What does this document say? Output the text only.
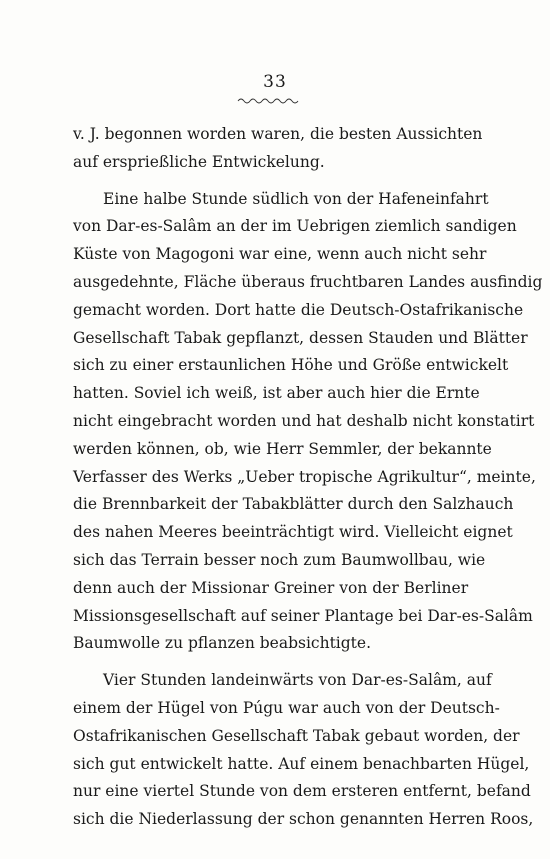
33
v. J. begonnen worden waren, die besten Aussichten
auf ersprießliche Entwickelung.
Eine halbe Stunde südlich von der Hafeneinfahrt
von Dar-es-Salâm an der im Uebrigen ziemlich sandigen
Küste von Magogoni war eine, wenn auch nicht sehr
ausgedehnte, Fläche überaus fruchtbaren Landes ausfindig
gemacht worden. Dort hatte die Deutsch-Ostafrikanische
Gesellschaft Tabak gepflanzt, dessen Stauden und Blätter
sich zu einer erstaunlichen Höhe und Größe entwickelt
hatten. Soviel ich weiß, ist aber auch hier die Ernte
nicht eingebracht worden und hat deshalb nicht konstatirt
werden können, ob, wie Herr Semmler, der bekannte
Verfasser des Werks „Ueber tropische Agrikultur“, meinte,
die Brennbarkeit der Tabakblätter durch den Salzhauch
des nahen Meeres beeinträchtigt wird. Vielleicht eignet
sich das Terrain besser noch zum Baumwollbau, wie
denn auch der Missionar Greiner von der Berliner
Missionsgesellschaft auf seiner Plantage bei Dar-es-Salâm
Baumwolle zu pflanzen beabsichtigte.
Vier Stunden landeinwärts von Dar-es-Salâm, auf
einem der Hügel von Púgu war auch von der Deutsch-
Ostafrikanischen Gesellschaft Tabak gebaut worden, der
sich gut entwickelt hatte. Auf einem benachbarten Hügel,
nur eine viertel Stunde von dem ersteren entfernt, befand
sich die Niederlassung der schon genannten Herren Roos,
